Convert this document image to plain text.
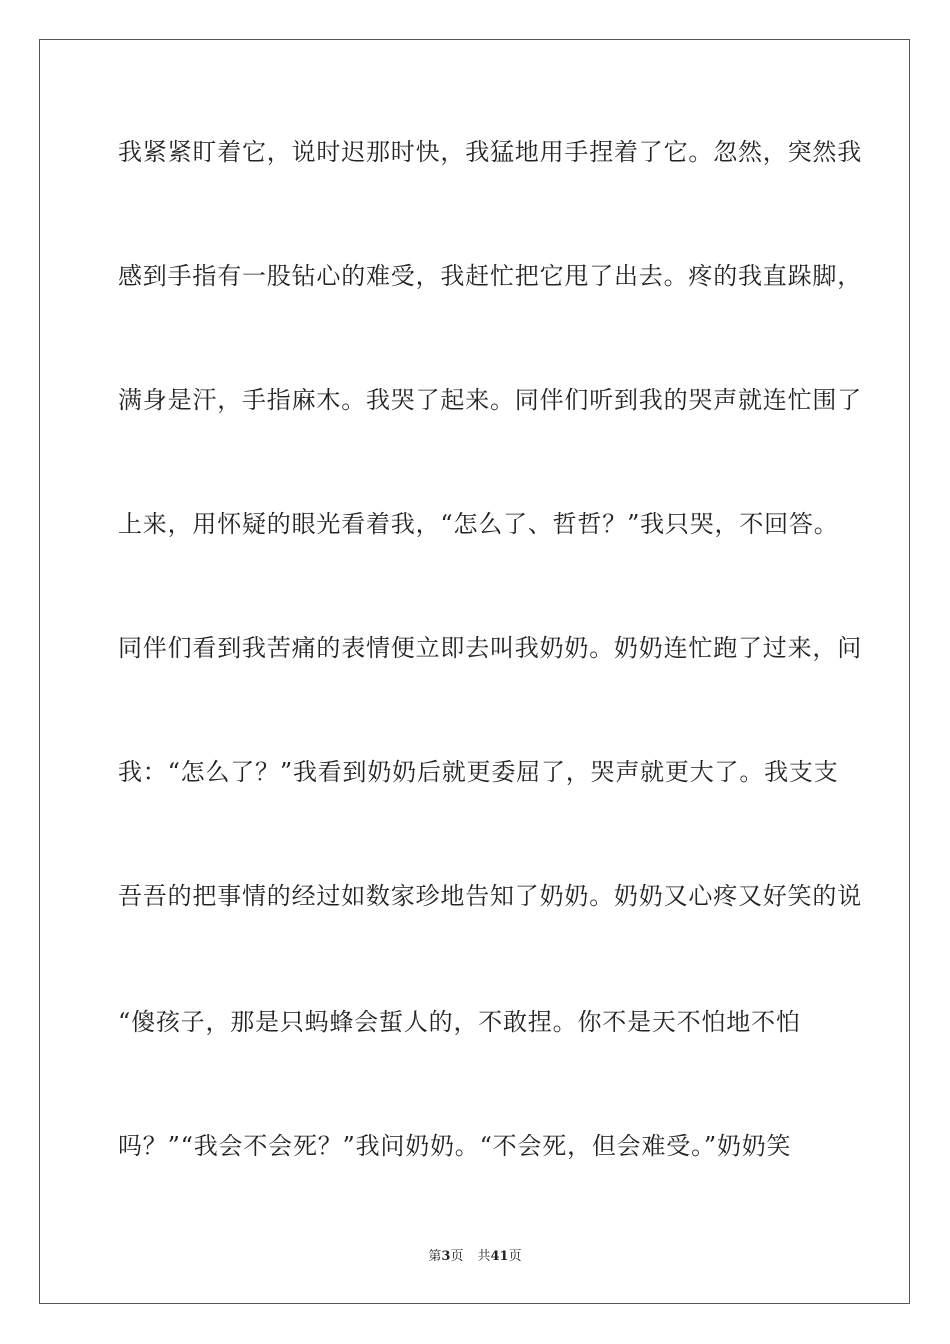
我紧紧盯着它，说时迟那时快，我猛地用手捏着了它。忽然，突然我
感到手指有一股钻心的难受，我赶忙把它甩了出去。疼的我直跺脚，
满身是汗，手指麻木。我哭了起来。同伴们听到我的哭声就连忙围了
上来，用怀疑的眼光看着我，“怎么了、哲哲？”我只哭，不回答。
同伴们看到我苦痛的表情便立即去叫我奶奶。奶奶连忙跑了过来，问
我：“怎么了？”我看到奶奶后就更委屈了，哭声就更大了。我支支
吾吾的把事情的经过如数家珍地告知了奶奶。奶奶又心疼又好笑的说
“傻孩子，那是只蚂蜂会蜇人的，不敢捏。你不是天不怕地不怕
吗？”“我会不会死？”我问奶奶。“不会死，但会难受。”奶奶笑
第3页 共41页
